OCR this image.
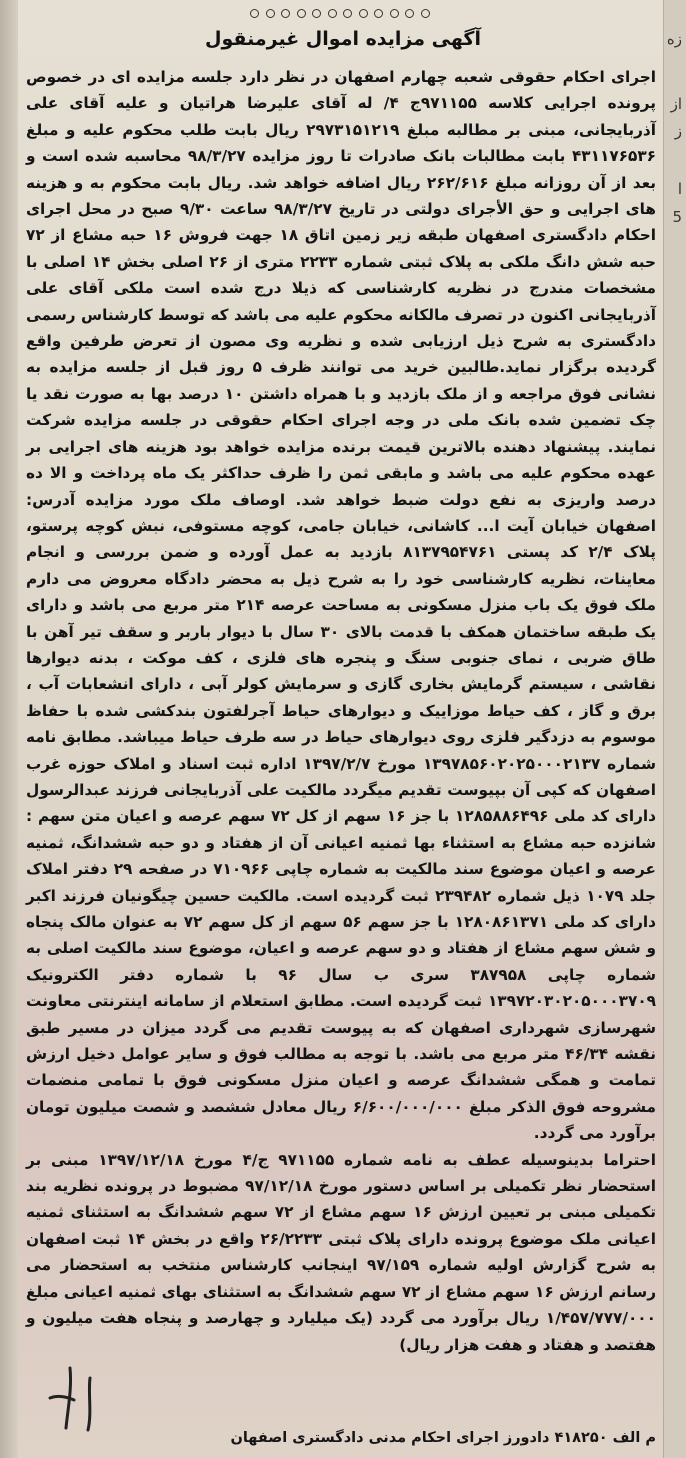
زه
از
ز
ا
5
آگهی مزایده اموال غیرمنقول

اجرای احکام حقوقی شعبه چهارم اصفهان در نظر دارد جلسه مزایده ای در خصوص پرونده اجرایی کلاسه ۹۷۱۱۵۵ج ۴/ له آقای علیرضا هراتیان و علیه آقای علی آذربایجانی، مبنی بر مطالبه مبلغ ۲۹۷۳۱۵۱۲۱۹ ریال بابت طلب محکوم علیه و مبلغ ۴۳۱۱۷۶۵۳۶ بابت مطالبات بانک صادرات تا روز مزایده ۹۸/۳/۲۷ محاسبه شده است و بعد از آن روزانه مبلغ ۲۶۲/۶۱۶ ریال اضافه خواهد شد. ریال بابت محکوم به و هزینه های اجرایی و حق الأجرای دولتی در تاریخ ۹۸/۳/۲۷ ساعت ۹/۳۰ صبح در محل اجرای احکام دادگستری اصفهان طبقه زیر زمین اتاق ۱۸ جهت فروش ۱۶ حبه مشاع از ۷۲ حبه شش دانگ ملکی به پلاک ثبتی شماره ۲۲۳۳ متری از ۲۶ اصلی بخش ۱۴ اصلی با مشخصات مندرج در نظریه کارشناسی که ذیلا درج شده است ملکی آقای علی آذربایجانی اکنون در تصرف مالکانه محکوم علیه می باشد که توسط کارشناس رسمی دادگستری به شرح ذیل ارزیابی شده و نظریه وی مصون از تعرض طرفین واقع گردیده برگزار نماید.طالبین خرید می توانند ظرف ۵ روز قبل از جلسه مزایده به نشانی فوق مراجعه و از ملک بازدید و با همراه داشتن ۱۰ درصد بها به صورت نقد یا چک تضمین شده بانک ملی در وجه اجرای احکام حقوقی در جلسه مزایده شرکت نمایند. پیشنهاد دهنده بالاترین قیمت برنده مزایده خواهد بود هزینه های اجرایی بر عهده محکوم علیه می باشد و مابقی ثمن را ظرف حداکثر یک ماه پرداخت و الا ده درصد واریزی به نفع دولت ضبط خواهد شد. اوصاف ملک مورد مزایده آدرس: اصفهان خیابان آیت ا... کاشانی، خیابان جامی، کوچه مستوفی، نبش کوچه پرستو، پلاک ۲/۴ کد پستی ۸۱۳۷۹۵۴۷۶۱ بازدید به عمل آورده و ضمن بررسی و انجام معاینات، نظریه کارشناسی خود را به شرح ذیل به محضر دادگاه معروض می دارم ملک فوق یک باب منزل مسکونی به مساحت عرصه ۲۱۴ متر مربع می باشد و دارای یک طبقه ساختمان همکف با قدمت بالای ۳۰ سال با دیوار باربر و سقف تیر آهن با طاق ضربی ، نمای جنوبی سنگ و پنجره های فلزی ، کف موکت ، بدنه دیوارها نقاشی ، سیستم گرمایش بخاری گازی و سرمایش کولر آبی ، دارای انشعابات آب ، برق و گاز ، کف حیاط موزاییک و دیوارهای حیاط آجرلفتون بندکشی شده با حفاظ موسوم به دزدگیر فلزی روی دیوارهای حیاط در سه طرف حیاط میباشد. مطابق نامه شماره ۱۳۹۷۸۵۶۰۲۰۲۵۰۰۰۲۱۳۷ مورخ ۱۳۹۷/۲/۷ اداره ثبت اسناد و املاک حوزه غرب اصفهان که کپی آن بپیوست تقدیم میگردد مالکیت علی آذربایجانی فرزند عبدالرسول دارای کد ملی ۱۲۸۵۸۸۶۴۹۶ با جز ۱۶ سهم از کل ۷۲ سهم عرصه و اعیان متن سهم : شانزده حبه مشاع به استثناء بها ثمنیه اعیانی آن از هفتاد و دو حبه ششدانگ، ثمنیه عرصه و اعیان موضوع سند مالکیت به شماره چاپی ۷۱۰۹۶۶ در صفحه ۲۹ دفتر املاک جلد ۱۰۷۹ ذیل شماره ۲۳۹۴۸۲ ثبت گردیده است. مالکیت حسین چیگونیان فرزند اکبر دارای کد ملی ۱۲۸۰۸۶۱۳۷۱ با جز سهم ۵۶ سهم از کل سهم ۷۲ به عنوان مالک پنجاه و شش سهم مشاع از هفتاد و دو سهم عرصه و اعیان، موضوع سند مالکیت اصلی به شماره چاپی ۳۸۷۹۵۸ سری ب سال ۹۶ با شماره دفتر الکترونیک ۱۳۹۷۲۰۳۰۲۰۵۰۰۰۳۷۰۹ ثبت گردیده است. مطابق استعلام از سامانه اینترنتی معاونت شهرسازی شهرداری اصفهان که به پیوست تقدیم می گردد میزان در مسیر طبق نقشه ۴۶/۳۴ متر مربع می باشد. با توجه به مطالب فوق و سایر عوامل دخیل ارزش تمامت و همگی ششدانگ عرصه و اعیان منزل مسکونی فوق با تمامی منضمات مشروحه فوق الذکر مبلغ ۶/۶۰۰/۰۰۰/۰۰۰ ریال معادل ششصد و شصت میلیون تومان برآورد می گردد.

احتراما بدینوسیله عطف به نامه شماره ۹۷۱۱۵۵ ج/۴ مورخ ۱۳۹۷/۱۲/۱۸ مبنی بر استحضار نظر تکمیلی بر اساس دستور مورخ ۹۷/۱۲/۱۸ مضبوط در پرونده نظریه بند تکمیلی مبنی بر تعیین ارزش ۱۶ سهم مشاع از ۷۲ سهم ششدانگ به استثنای ثمنیه اعیانی ملک موضوع پرونده دارای پلاک ثبتی ۲۶/۲۲۳۳ واقع در بخش ۱۴ ثبت اصفهان به شرح گزارش اولیه شماره ۹۷/۱۵۹ اینجانب کارشناس منتخب به استحضار می رسانم ارزش ۱۶ سهم مشاع از ۷۲ سهم ششدانگ به استثنای بهای ثمنیه اعیانی مبلغ ۱/۴۵۷/۷۷۷/۰۰۰ ریال برآورد می گردد (یک میلیارد و چهارصد و پنجاه هفت میلیون و هفتصد و هفتاد و هفت هزار ریال)

م الف ۴۱۸۲۵۰ دادورز اجرای احکام مدنی دادگستری اصفهان
